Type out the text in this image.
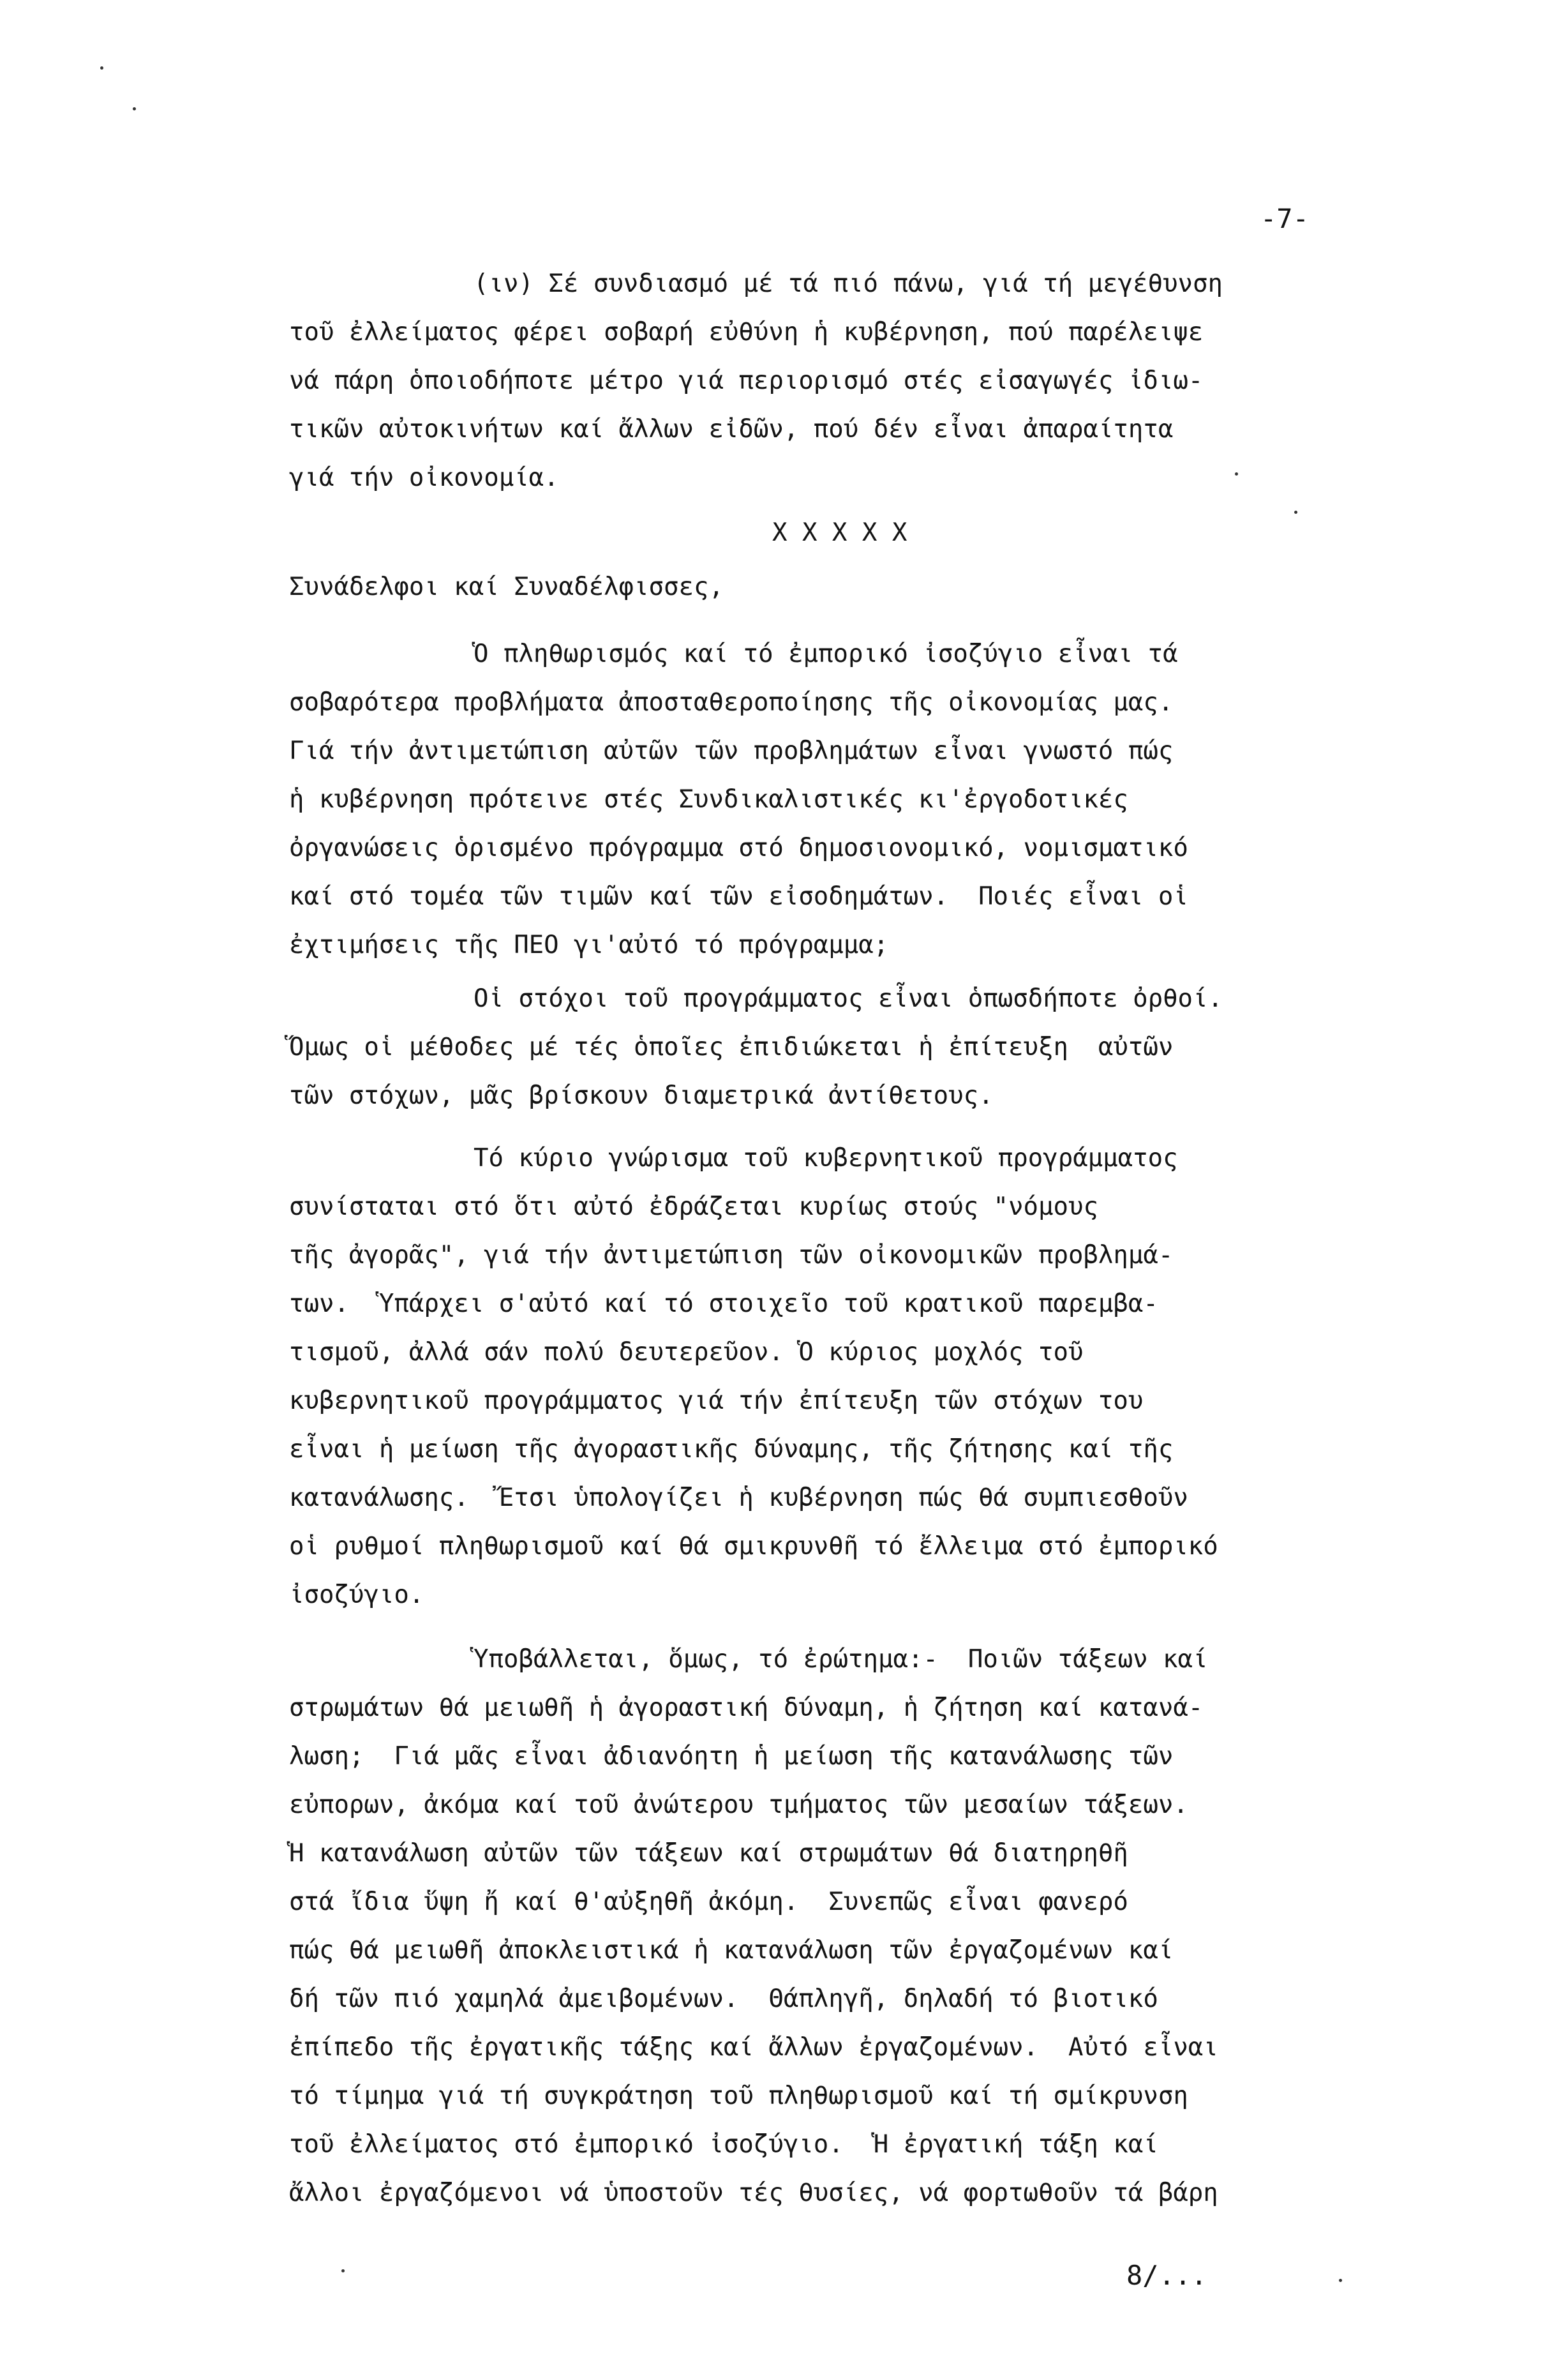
-7-
(ιν) Σέ συνδιασμό μέ τά πιό πάνω, γιά τή μεγέθυνση
τοῦ ἐλλείματος φέρει σοβαρή εὐθύνη ἡ κυβέρνηση, πού παρέλειψε
νά πάρη ὁποιοδήποτε μέτρο γιά περιορισμό στές εἰσαγωγές ἰδιω-
τικῶν αὐτοκινήτων καί ἄλλων εἰδῶν, πού δέν εἶναι ἀπαραίτητα
γιά τήν οἰκονομία.
X X X X X
Συνάδελφοι καί Συναδέλφισσες,
Ὁ πληθωρισμός καί τό ἐμπορικό ἰσοζύγιο εἶναι τά
σοβαρότερα προβλήματα ἀποσταθεροποίησης τῆς οἰκονομίας μας.
Γιά τήν ἀντιμετώπιση αὐτῶν τῶν προβλημάτων εἶναι γνωστό πώς
ἡ κυβέρνηση πρότεινε στές Συνδικαλιστικές κι'ἐργοδοτικές
ὀργανώσεις ὁρισμένο πρόγραμμα στό δημοσιονομικό, νομισματικό
καί στό τομέα τῶν τιμῶν καί τῶν εἰσοδημάτων.  Ποιές εἶναι οἱ
ἐχτιμήσεις τῆς ΠΕΟ γι'αὐτό τό πρόγραμμα;
Οἱ στόχοι τοῦ προγράμματος εἶναι ὁπωσδήποτε ὀρθοί.
Ὅμως οἱ μέθοδες μέ τές ὁποῖες ἐπιδιώκεται ἡ ἐπίτευξη  αὐτῶν
τῶν στόχων, μᾶς βρίσκουν διαμετρικά ἀντίθετους.
Τό κύριο γνώρισμα τοῦ κυβερνητικοῦ προγράμματος
συνίσταται στό ὅτι αὐτό ἐδράζεται κυρίως στούς "νόμους
τῆς ἀγορᾶς", γιά τήν ἀντιμετώπιση τῶν οἰκονομικῶν προβλημά-
των.  Ὑπάρχει σ'αὐτό καί τό στοιχεῖο τοῦ κρατικοῦ παρεμβα-
τισμοῦ, ἀλλά σάν πολύ δευτερεῦον. Ὁ κύριος μοχλός τοῦ
κυβερνητικοῦ προγράμματος γιά τήν ἐπίτευξη τῶν στόχων του
εἶναι ἡ μείωση τῆς ἀγοραστικῆς δύναμης, τῆς ζήτησης καί τῆς
κατανάλωσης.  Ἔτσι ὑπολογίζει ἡ κυβέρνηση πώς θά συμπιεσθοῦν
οἱ ρυθμοί πληθωρισμοῦ καί θά σμικρυνθῆ τό ἔλλειμα στό ἐμπορικό
ἰσοζύγιο.
Ὑποβάλλεται, ὅμως, τό ἐρώτημα:-  Ποιῶν τάξεων καί
στρωμάτων θά μειωθῆ ἡ ἀγοραστική δύναμη, ἡ ζήτηση καί κατανά-
λωση;  Γιά μᾶς εἶναι ἀδιανόητη ἡ μείωση τῆς κατανάλωσης τῶν
εὐπορων, ἀκόμα καί τοῦ ἀνώτερου τμήματος τῶν μεσαίων τάξεων.
Ἡ κατανάλωση αὐτῶν τῶν τάξεων καί στρωμάτων θά διατηρηθῆ
στά ἴδια ὕψη ἤ καί θ'αὐξηθῆ ἀκόμη.  Συνεπῶς εἶναι φανερό
πώς θά μειωθῆ ἀποκλειστικά ἡ κατανάλωση τῶν ἐργαζομένων καί
δή τῶν πιό χαμηλά ἀμειβομένων.  Θάπληγῆ, δηλαδή τό βιοτικό
ἐπίπεδο τῆς ἐργατικῆς τάξης καί ἄλλων ἐργαζομένων.  Αὐτό εἶναι
τό τίμημα γιά τή συγκράτηση τοῦ πληθωρισμοῦ καί τή σμίκρυνση
τοῦ ἐλλείματος στό ἐμπορικό ἰσοζύγιο.  Ἡ ἐργατική τάξη καί
ἄλλοι ἐργαζόμενοι νά ὑποστοῦν τές θυσίες, νά φορτωθοῦν τά βάρη
8/...
